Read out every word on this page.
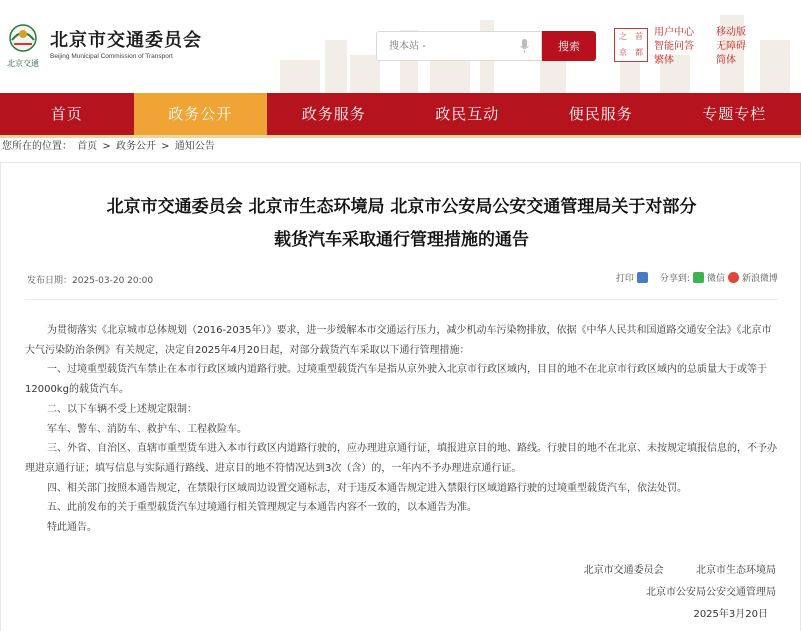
北京交通
北京市交通委员会
Beijing Municipal Commission of Transport
搜本站 -
搜索
之	首
京	都
用户中心	移动版
智能问答	无障碍
繁体	简体
首页	政务公开	政务服务	政民互动	便民服务	专题专栏
您所在的位置： 首页 > 政务公开 > 通知公告
北京市交通委员会 北京市生态环境局 北京市公安局公安交通管理局关于对部分
载货汽车采取通行管理措施的通告
发布日期：2025-03-20 20:00	打印	分享到: 微信 新浪微博

为贯彻落实《北京城市总体规划（2016-2035年）》要求，进一步缓解本市交通运行压力，减少机动车污染物排放，依据《中华人民共和国道路交通安全法》《北京市大气污染防治条例》有关规定，决定自2025年4月20日起，对部分载货汽车采取以下通行管理措施：

一、过境重型载货汽车禁止在本市行政区域内道路行驶。过境重型载货汽车是指从京外驶入北京市行政区域内，目目的地不在北京市行政区域内的总质量大于或等于12000kg的载货汽车。

二、以下车辆不受上述规定限制：

军车、警车、消防车、救护车、工程救险车。

三、外省、自治区、直辖市重型货车进入本市行政区内道路行驶的，应办理进京通行证，填报进京目的地、路线。行驶目的地不在北京、未按规定填报信息的，不予办理进京通行证；填写信息与实际通行路线、进京目的地不符情况达到3次（含）的，一年内不予办理进京通行证。

四、相关部门按照本通告规定，在禁限行区域周边设置交通标志，对于违反本通告规定进入禁限行区域道路行驶的过境重型载货汽车，依法处罚。

五、此前发布的关于重型载货汽车过境通行相关管理规定与本通告内容不一致的，以本通告为准。

特此通告。

北京市交通委员会	北京市生态环境局
北京市公安局公安交通管理局
2025年3月20日
